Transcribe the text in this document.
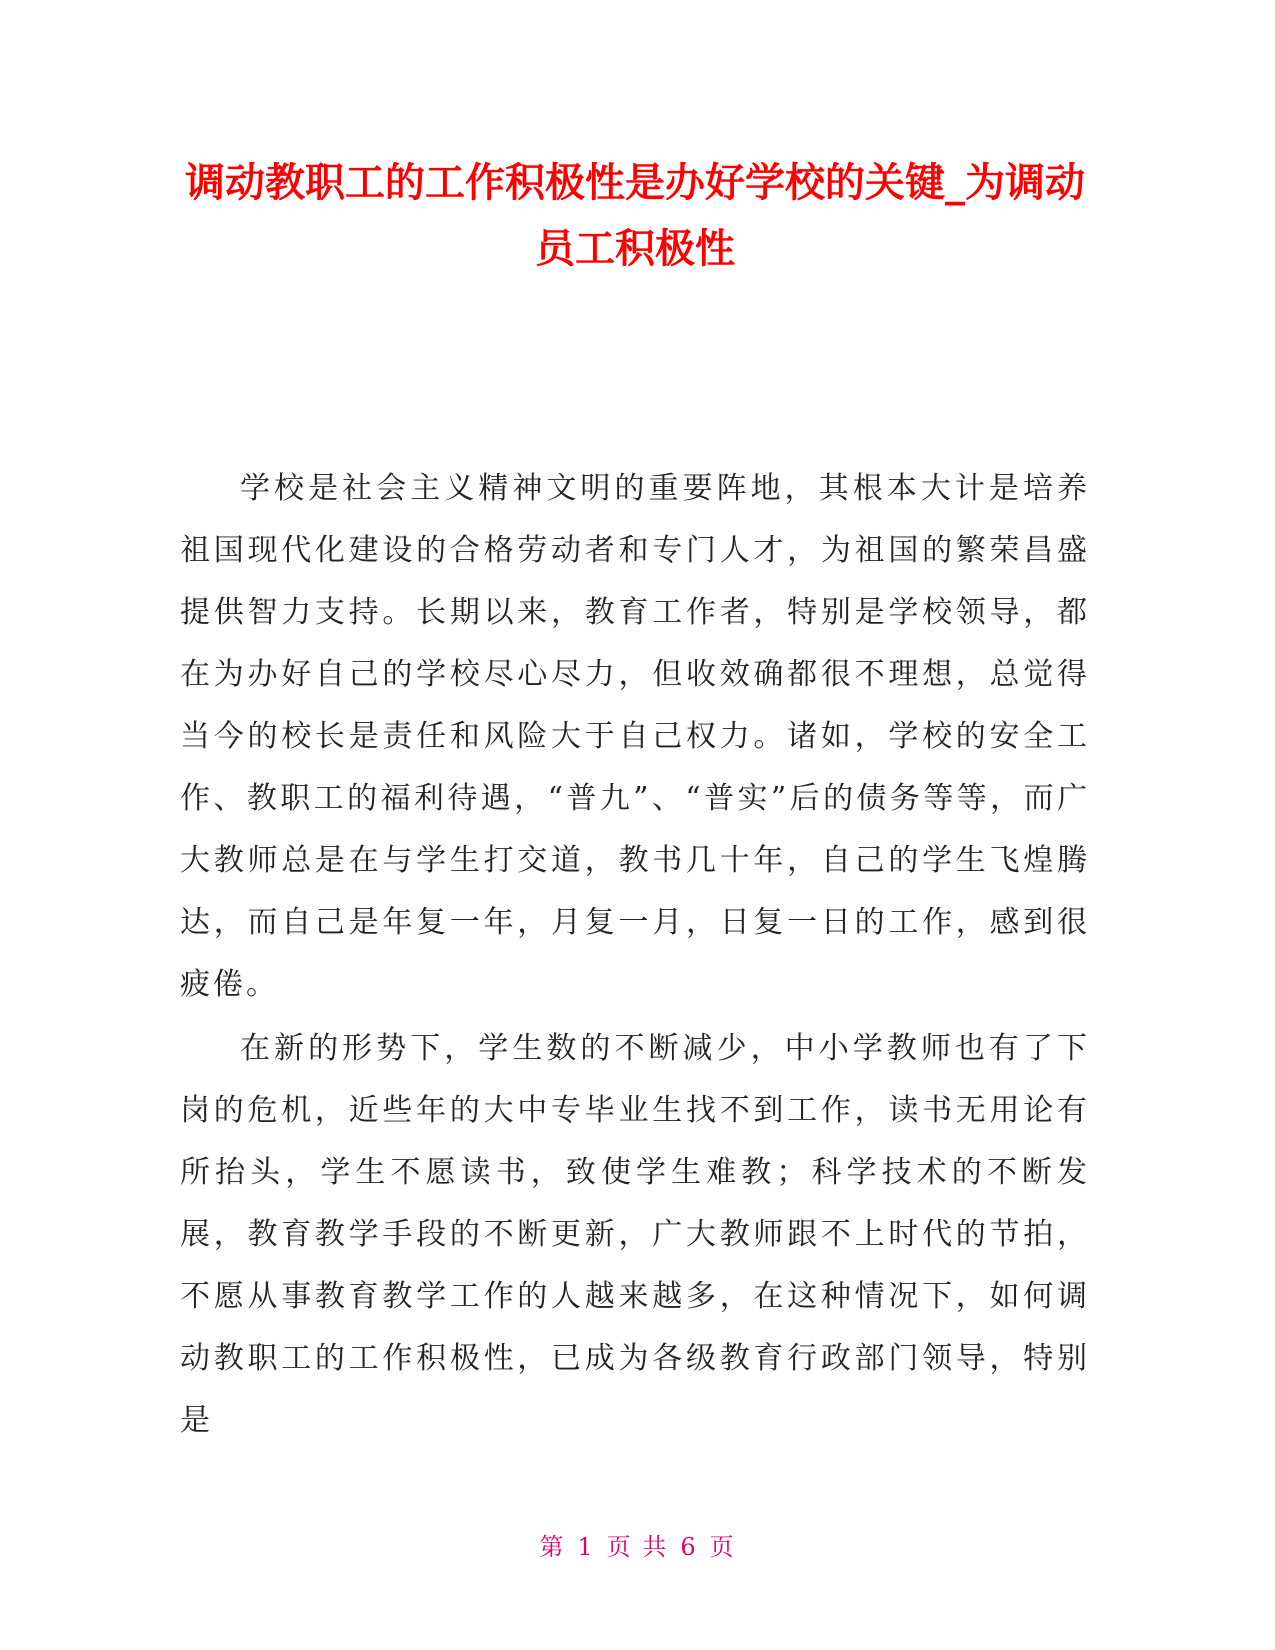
调动教职工的工作积极性是办好学校的关键_为调动员工积极性

学校是社会主义精神文明的重要阵地，其根本大计是培养祖国现代化建设的合格劳动者和专门人才，为祖国的繁荣昌盛提供智力支持。长期以来，教育工作者，特别是学校领导，都在为办好自己的学校尽心尽力，但收效确都很不理想，总觉得当今的校长是责任和风险大于自己权力。诸如，学校的安全工作、教职工的福利待遇，“普九”、“普实”后的债务等等，而广大教师总是在与学生打交道，教书几十年，自己的学生飞煌腾达，而自己是年复一年，月复一月，日复一日的工作，感到很疲倦。

在新的形势下，学生数的不断减少，中小学教师也有了下岗的危机，近些年的大中专毕业生找不到工作，读书无用论有所抬头，学生不愿读书，致使学生难教；科学技术的不断发展，教育教学手段的不断更新，广大教师跟不上时代的节拍，不愿从事教育教学工作的人越来越多，在这种情况下，如何调动教职工的工作积极性，已成为各级教育行政部门领导，特别是

第 1 页 共 6 页
